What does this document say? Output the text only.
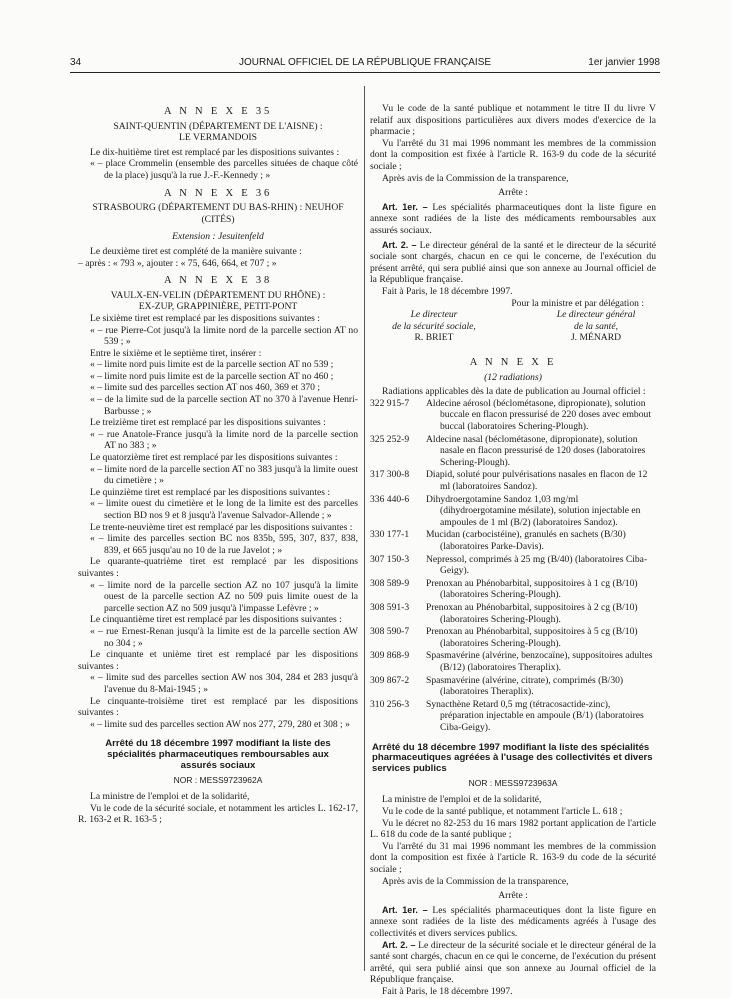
34	JOURNAL OFFICIEL DE LA RÉPUBLIQUE FRANÇAISE	1er janvier 1998
A N N E X E 35

SAINT-QUENTIN (DÉPARTEMENT DE L'AISNE) :

LE VERMANDOIS

Le dix-huitième tiret est remplacé par les dispositions suivantes :

« – place Crommelin (ensemble des parcelles situées de chaque côté de la place) jusqu'à la rue J.-F.-Kennedy ; »

A N N E X E 36

STRASBOURG (DÉPARTEMENT DU BAS-RHIN) : NEUHOF (CITÉS)

Extension : Jesuitenfeld

Le deuxième tiret est complété de la manière suivante :

– après : « 793 », ajouter : « 75, 646, 664, et 707 ; »

A N N E X E 38

VAULX-EN-VELIN (DÉPARTEMENT DU RHÔNE) :

EX-ZUP, GRAPPINIÈRE, PETIT-PONT

Le sixième tiret est remplacé par les dispositions suivantes :

« – rue Pierre-Cot jusqu'à la limite nord de la parcelle section AT no 539 ; »

Entre le sixième et le septième tiret, insérer :

« – limite nord puis limite est de la parcelle section AT no 539 ;

« – limite nord puis limite est de la parcelle section AT no 460 ;

« – limite sud des parcelles section AT nos 460, 369 et 370 ;

« – de la limite sud de la parcelle section AT no 370 à l'avenue Henri-Barbusse ; »

Le treizième tiret est remplacé par les dispositions suivantes :

« – rue Anatole-France jusqu'à la limite nord de la parcelle section AT no 383 ; »

Le quatorzième tiret est remplacé par les dispositions suivantes :

« – limite nord de la parcelle section AT no 383 jusqu'à la limite ouest du cimetière ; »

Le quinzième tiret est remplacé par les dispositions suivantes :

« – limite ouest du cimetière et le long de la limite est des parcelles section BD nos 9 et 8 jusqu'à l'avenue Salvador-Allende ; »

Le trente-neuvième tiret est remplacé par les dispositions suivantes :

« – limite des parcelles section BC nos 835b, 595, 307, 837, 838, 839, et 665 jusqu'au no 10 de la rue Javelot ; »

Le quarante-quatrième tiret est remplacé par les dispositions suivantes :

« – limite nord de la parcelle section AZ no 107 jusqu'à la limite ouest de la parcelle section AZ no 509 puis limite ouest de la parcelle section AZ no 509 jusqu'à l'impasse Lefèvre ; »

Le cinquantième tiret est remplacé par les dispositions suivantes :

« – rue Ernest-Renan jusqu'à la limite est de la parcelle section AW no 304 ; »

Le cinquante et unième tiret est remplacé par les dispositions suivantes :

« – limite sud des parcelles section AW nos 304, 284 et 283 jusqu'à l'avenue du 8-Mai-1945 ; »

Le cinquante-troisième tiret est remplacé par les dispositions suivantes :

« – limite sud des parcelles section AW nos 277, 279, 280 et 308 ; »

Arrêté du 18 décembre 1997 modifiant la liste des spécialités pharmaceutiques remboursables aux assurés sociaux
NOR : MESS9723962A

La ministre de l'emploi et de la solidarité,

Vu le code de la sécurité sociale, et notamment les articles L. 162-17, R. 163-2 et R. 163-5 ;

Vu le code de la santé publique et notamment le titre II du livre V relatif aux dispositions particulières aux divers modes d'exercice de la pharmacie ;

Vu l'arrêté du 31 mai 1996 nommant les membres de la commission dont la composition est fixée à l'article R. 163-9 du code de la sécurité sociale ;

Après avis de la Commission de la transparence,

Arrête :

Art. 1er. – Les spécialités pharmaceutiques dont la liste figure en annexe sont radiées de la liste des médicaments remboursables aux assurés sociaux.

Art. 2. – Le directeur général de la santé et le directeur de la sécurité sociale sont chargés, chacun en ce qui le concerne, de l'exécution du présent arrêté, qui sera publié ainsi que son annexe au Journal officiel de la République française.

Fait à Paris, le 18 décembre 1997.

Pour la ministre et par délégation :

Le directeur
de la sécurité sociale,
R. BRIET
Le directeur général
de la santé,
J. MÉNARD
A N N E X E

(12 radiations)

Radiations applicables dès la date de publication au Journal officiel :

322 915-7	Aldecine aérosol (béclométasone, dipropionate), solution buccale en flacon pressurisé de 220 doses avec embout buccal (laboratoires Schering-Plough).
325 252-9	Aldecine nasal (béclométasone, dipropionate), solution nasale en flacon pressurisé de 120 doses (laboratoires Schering-Plough).
317 300-8	Diapid, soluté pour pulvérisations nasales en flacon de 12 ml (laboratoires Sandoz).
336 440-6	Dihydroergotamine Sandoz 1,03 mg/ml (dihydroergotamine mésilate), solution injectable en ampoules de 1 ml (B/2) (laboratoires Sandoz).
330 177-1	Mucidan (carbocistéine), granulés en sachets (B/30) (laboratoires Parke-Davis).
307 150-3	Nepressol, comprimés à 25 mg (B/40) (laboratoires Ciba-Geigy).
308 589-9	Prenoxan au Phénobarbital, suppositoires à 1 cg (B/10) (laboratoires Schering-Plough).
308 591-3	Prenoxan au Phénobarbital, suppositoires à 2 cg (B/10) (laboratoires Schering-Plough).
308 590-7	Prenoxan au Phénobarbital, suppositoires à 5 cg (B/10) (laboratoires Schering-Plough).
309 868-9	Spasmavérine (alvérine, benzocaïne), suppositoires adultes (B/12) (laboratoires Theraplix).
309 867-2	Spasmavérine (alvérine, citrate), comprimés (B/30) (laboratoires Theraplix).
310 256-3	Synacthène Retard 0,5 mg (tétracosactide-zinc), préparation injectable en ampoule (B/1) (laboratoires Ciba-Geigy).
Arrêté du 18 décembre 1997 modifiant la liste des spécialités pharmaceutiques agréées à l'usage des collectivités et divers services publics
NOR : MESS9723963A

La ministre de l'emploi et de la solidarité,

Vu le code de la santé publique, et notamment l'article L. 618 ;

Vu le décret no 82-253 du 16 mars 1982 portant application de l'article L. 618 du code de la santé publique ;

Vu l'arrêté du 31 mai 1996 nommant les membres de la commission dont la composition est fixée à l'article R. 163-9 du code de la sécurité sociale ;

Après avis de la Commission de la transparence,

Arrête :

Art. 1er. – Les spécialités pharmaceutiques dont la liste figure en annexe sont radiées de la liste des médicaments agréés à l'usage des collectivités et divers services publics.

Art. 2. – Le directeur de la sécurité sociale et le directeur général de la santé sont chargés, chacun en ce qui le concerne, de l'exécution du présent arrêté, qui sera publié ainsi que son annexe au Journal officiel de la République française.

Fait à Paris, le 18 décembre 1997.
